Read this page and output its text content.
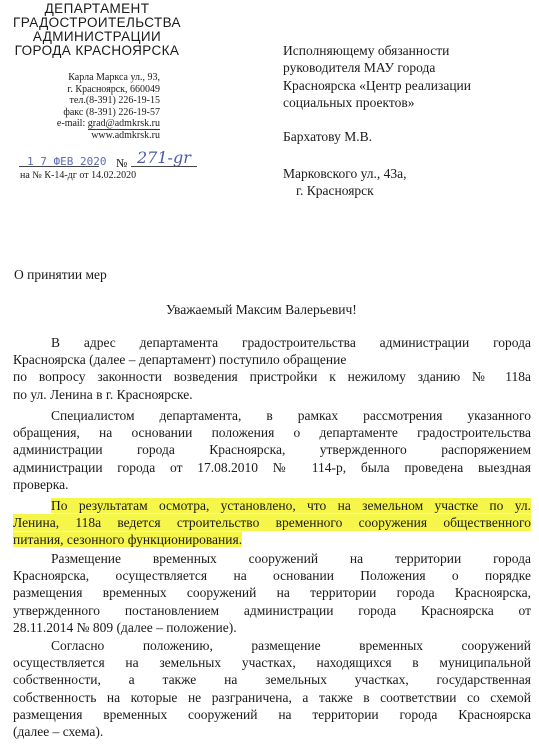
ДЕПАРТАМЕНТ
ГРАДОСТРОИТЕЛЬСТВА
АДМИНИСТРАЦИИ
ГОРОДА КРАСНОЯРСКА
Карла Маркса ул., 93,
г. Красноярск, 660049
тел.(8-391) 226-19-15
факс (8-391) 226-19-57
e-mail: grad@admkrsk.ru
www.admkrsk.ru
1 7 ФЕВ 2020 № 271-gr
на № К-14-дг от 14.02.2020
Исполняющему обязанности
руководителя МАУ города
Красноярска «Центр реализации
социальных проектов»
Бархатову М.В.
Марковского ул., 43а,
г. Красноярск
О принятии мер
Уважаемый Максим Валерьевич!
В адрес департамента градостроительства администрации города
Красноярска (далее – департамент) поступило обращение
по вопросу законности возведения пристройки к нежилому зданию № 118а
по ул. Ленина в г. Красноярске.
Специалистом департамента, в рамках рассмотрения указанного
обращения, на основании положения о департаменте градостроительства
администрации города Красноярска, утвержденного распоряжением
администрации города от 17.08.2010 № 114-р, была проведена выездная
проверка.
По результатам осмотра, установлено, что на земельном участке по ул.
Ленина, 118а ведется строительство временного сооружения общественного
питания, сезонного функционирования.
Размещение временных сооружений на территории города
Красноярска, осуществляется на основании Положения о порядке
размещения временных сооружений на территории города Красноярска,
утвержденного постановлением администрации города Красноярска от
28.11.2014 № 809 (далее – положение).
Согласно положению, размещение временных сооружений
осуществляется на земельных участках, находящихся в муниципальной
собственности, а также на земельных участках, государственная
собственность на которые не разграничена, а также в соответствии со схемой
размещения временных сооружений на территории города Красноярска
(далее – схема).
